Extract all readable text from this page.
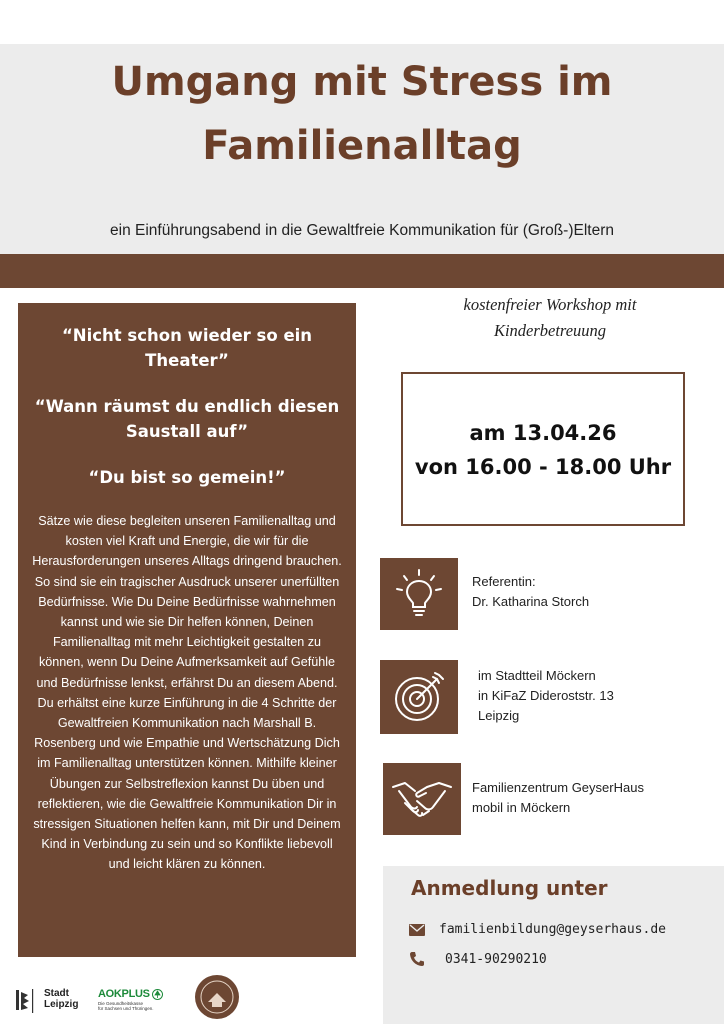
Umgang mit Stress im
Familienalltag
ein Einführungsabend in die Gewaltfreie Kommunikation für (Groß-)Eltern
“Nicht schon wieder so ein Theater”
“Wann räumst du endlich diesen Saustall auf”
“Du bist so gemein!”
Sätze wie diese begleiten unseren Familienalltag und kosten viel Kraft und Energie, die wir für die Herausforderungen unseres Alltags dringend brauchen. So sind sie ein tragischer Ausdruck unserer unerfüllten Bedürfnisse. Wie Du Deine Bedürfnisse wahrnehmen kannst und wie sie Dir helfen können, Deinen Familienalltag mit mehr Leichtigkeit gestalten zu können, wenn Du Deine Aufmerksamkeit auf Gefühle und Bedürfnisse lenkst, erfährst Du an diesem Abend.
Du erhältst eine kurze Einführung in die 4 Schritte der Gewaltfreien Kommunikation nach Marshall B. Rosenberg und wie Empathie und Wertschätzung Dich im Familienalltag unterstützen können. Mithilfe kleiner Übungen zur Selbstreflexion kannst Du üben und reflektieren, wie die Gewaltfreie Kommunikation Dir in stressigen Situationen helfen kann, mit Dir und Deinem Kind in Verbindung zu sein und so Konflikte liebevoll und leicht klären zu können.
kostenfreier Workshop mit
Kinderbetreuung
am 13.04.26
von 16.00 - 18.00 Uhr
Referentin:
Dr. Katharina Storch
im Stadtteil Möckern
in KiFaZ Dideroststr. 13
Leipzig
Familienzentrum GeyserHaus
mobil in Möckern
Anmedlung unter
familienbildung@geyserhaus.de
0341-90290210
Stadt
Leipzig
AOKPLUS
Die Gesundheitskasse
für Sachsen und Thüringen.
